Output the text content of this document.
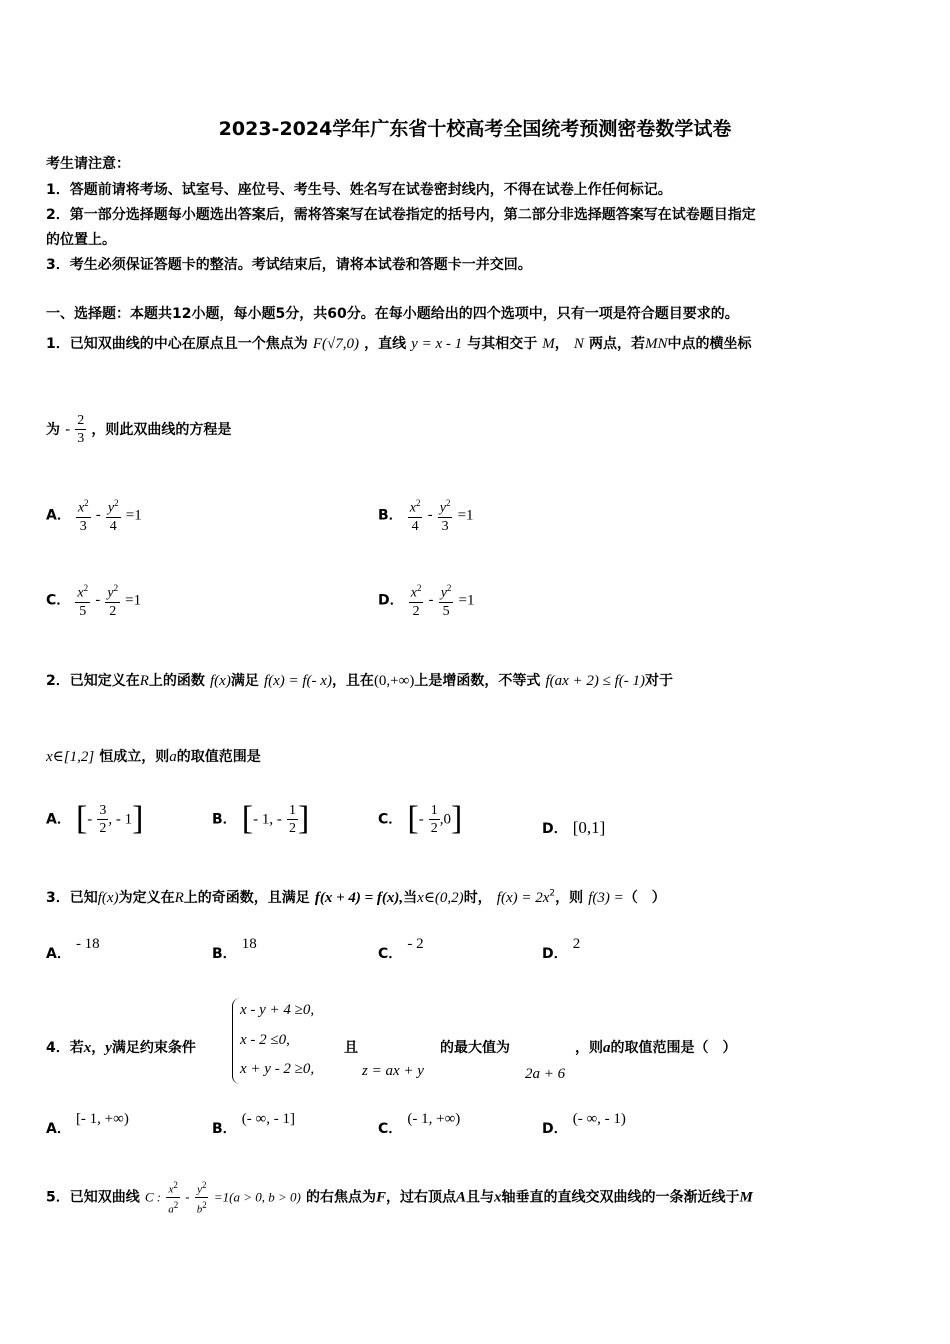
2023-2024学年广东省十校高考全国统考预测密卷数学试卷
考生请注意：
1．答题前请将考场、试室号、座位号、考生号、姓名写在试卷密封线内，不得在试卷上作任何标记。
2．第一部分选择题每小题选出答案后，需将答案写在试卷指定的括号内，第二部分非选择题答案写在试卷题目指定
的位置上。
3．考生必须保证答题卡的整洁。考试结束后，请将本试卷和答题卡一并交回。
一、选择题：本题共12小题，每小题5分，共60分。在每小题给出的四个选项中，只有一项是符合题目要求的。
1．已知双曲线的中心在原点且一个焦点为 F(√7,0) ，直线 y = x - 1 与其相交于 M， N 两点，若MN中点的横坐标
为 - $\frac{2}{3}$ ，则此双曲线的方程是
A． $\frac{x^2}{3} - \frac{y^2}{4} =1$	B． $\frac{x^2}{4} - \frac{y^2}{3} =1$
C． $\frac{x^2}{5} - \frac{y^2}{2} =1$	D． $\frac{x^2}{2} - \frac{y^2}{5} =1$
2．已知定义在R上的函数 f(x)满足 f(x) = f(- x)，且在(0,+∞)上是增函数，不等式 f(ax + 2) ≤ f(- 1)对于
x∈[1,2] 恒成立，则a的取值范围是
A． [- $\frac{3}{2}$ , - 1]	B． [- 1, - $\frac{1}{2}$ ]	C． [- $\frac{1}{2} ,0$]	D． [0,1]
3．已知f(x)为定义在R上的奇函数，且满足 f(x + 4) = f(x),当x∈(0,2)时， $f(x) = 2x^2$，则 f(3) =（　）
A． - 18
B． 18
C． - 2
D． 2
4．若x，y满足约束条件
x - y + 4 ≥0,
x - 2 ≤0,
x + y - 2 ≥0,
且
z = ax + y
的最大值为
2a + 6
，则a的取值范围是（　）
A． [- 1, +∞)
B． (- ∞, - 1]
C． (- 1, +∞)
D． (- ∞, - 1)
5．已知双曲线 C : $\frac{x^2}{a^2} - \frac{y^2}{b^2} =1(a > 0$, b > 0) 的右焦点为F，过右顶点A且与x轴垂直的直线交双曲线的一条渐近线于M
